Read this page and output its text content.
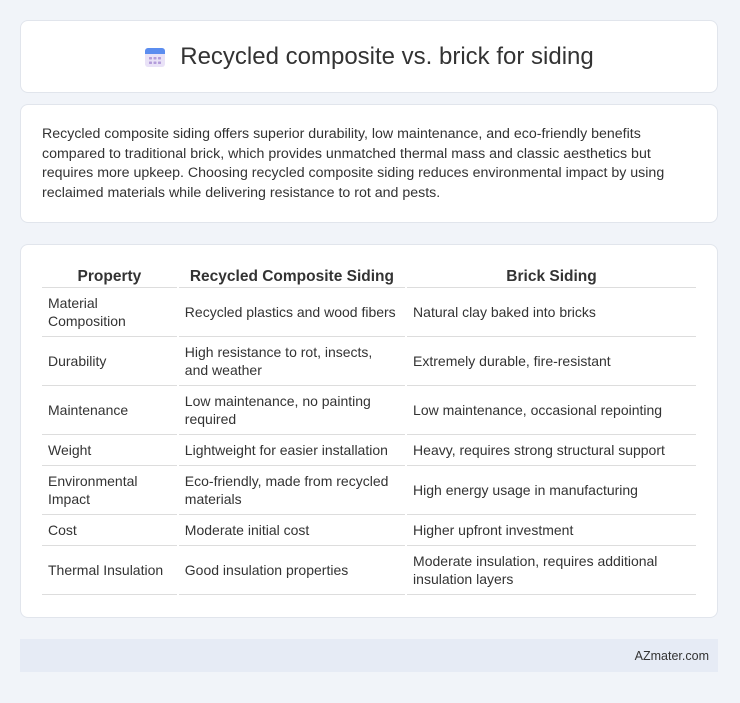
Recycled composite vs. brick for siding

Recycled composite siding offers superior durability, low maintenance, and eco-friendly benefits compared to traditional brick, which provides unmatched thermal mass and classic aesthetics but requires more upkeep. Choosing recycled composite siding reduces environmental impact by using reclaimed materials while delivering resistance to rot and pests.

Property	Recycled Composite Siding	Brick Siding
Material Composition	Recycled plastics and wood fibers	Natural clay baked into bricks
Durability	High resistance to rot, insects, and weather	Extremely durable, fire-resistant
Maintenance	Low maintenance, no painting required	Low maintenance, occasional repointing
Weight	Lightweight for easier installation	Heavy, requires strong structural support
Environmental Impact	Eco-friendly, made from recycled materials	High energy usage in manufacturing
Cost	Moderate initial cost	Higher upfront investment
Thermal Insulation	Good insulation properties	Moderate insulation, requires additional insulation layers
AZmater.com
